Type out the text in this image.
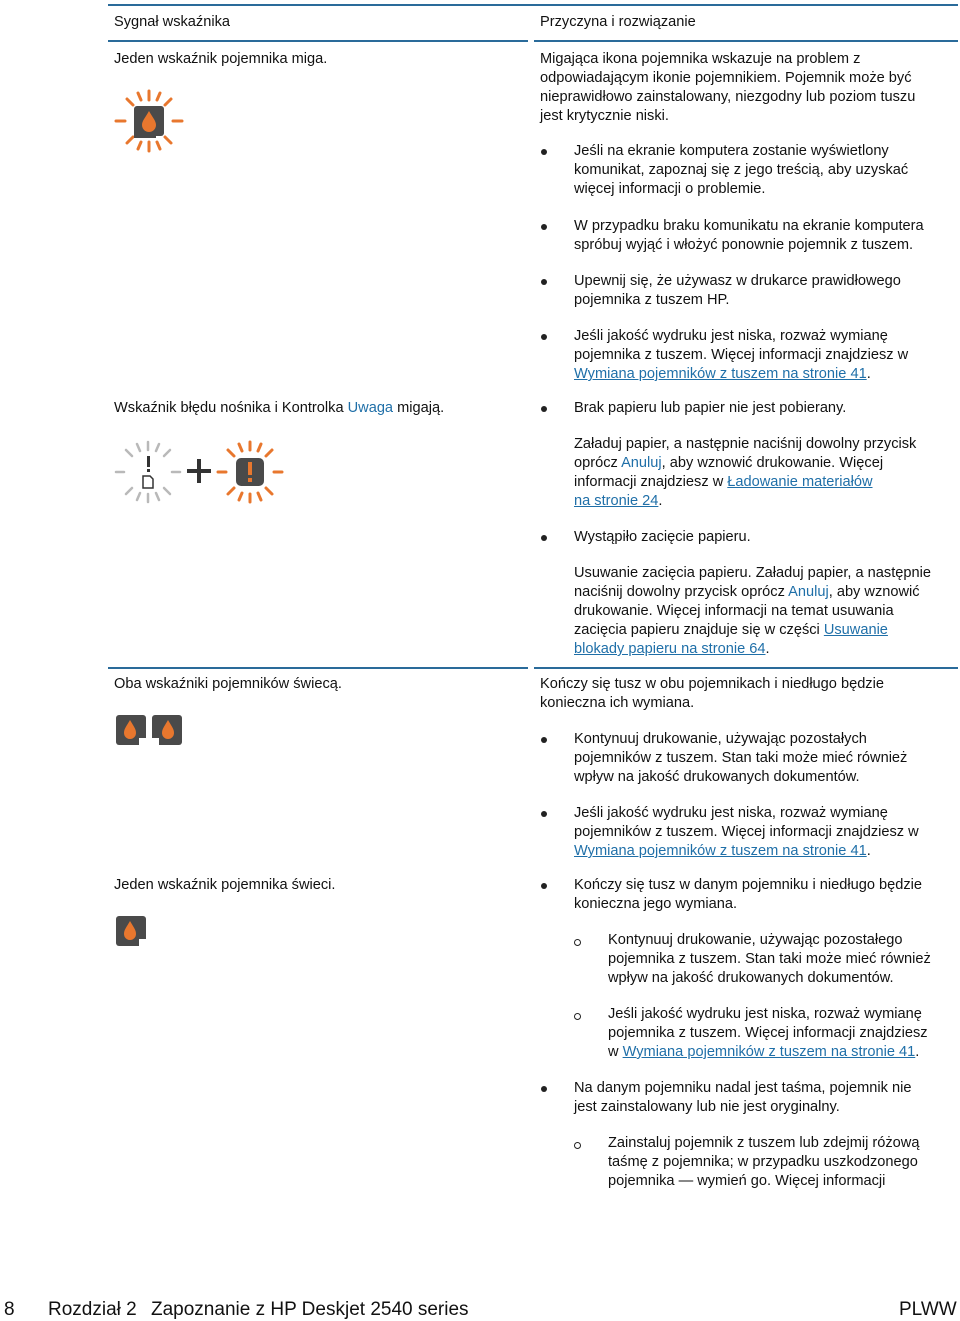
Sygnał wskaźnika	Przyczyna i rozwiązanie
Jeden wskaźnik pojemnika miga.	Migająca ikona pojemnika wskazuje na problem z
odpowiadającym ikonie pojemnikiem. Pojemnik może być
nieprawidłowo zainstalowany, niezgodny lub poziom tuszu
jest krytycznie niski.
Jeśli na ekranie komputera zostanie wyświetlony
komunikat, zapoznaj się z jego treścią, aby uzyskać
więcej informacji o problemie.
W przypadku braku komunikatu na ekranie komputera
spróbuj wyjąć i włożyć ponownie pojemnik z tuszem.
Upewnij się, że używasz w drukarce prawidłowego
pojemnika z tuszem HP.
Jeśli jakość wydruku jest niska, rozważ wymianę
pojemnika z tuszem. Więcej informacji znajdziesz w
Wymiana pojemników z tuszem na stronie 41.
Wskaźnik błędu nośnika i Kontrolka Uwaga migają.	Brak papieru lub papier nie jest pobierany.
Załaduj papier, a następnie naciśnij dowolny przycisk
oprócz Anuluj, aby wznowić drukowanie. Więcej
informacji znajdziesz w Ładowanie materiałów
na stronie 24.
Wystąpiło zacięcie papieru.
Usuwanie zacięcia papieru. Załaduj papier, a następnie
naciśnij dowolny przycisk oprócz Anuluj, aby wznowić
drukowanie. Więcej informacji na temat usuwania
zacięcia papieru znajduje się w części Usuwanie
blokady papieru na stronie 64.
Oba wskaźniki pojemników świecą.	Kończy się tusz w obu pojemnikach i niedługo będzie
konieczna ich wymiana.
Kontynuuj drukowanie, używając pozostałych
pojemników z tuszem. Stan taki może mieć również
wpływ na jakość drukowanych dokumentów.
Jeśli jakość wydruku jest niska, rozważ wymianę
pojemników z tuszem. Więcej informacji znajdziesz w
Wymiana pojemników z tuszem na stronie 41.
Jeden wskaźnik pojemnika świeci.	Kończy się tusz w danym pojemniku i niedługo będzie
konieczna jego wymiana.
Kontynuuj drukowanie, używając pozostałego
pojemnika z tuszem. Stan taki może mieć również
wpływ na jakość drukowanych dokumentów.
Jeśli jakość wydruku jest niska, rozważ wymianę
pojemnika z tuszem. Więcej informacji znajdziesz
w Wymiana pojemników z tuszem na stronie 41.
Na danym pojemniku nadal jest taśma, pojemnik nie
jest zainstalowany lub nie jest oryginalny.
Zainstaluj pojemnik z tuszem lub zdejmij różową
taśmę z pojemnika; w przypadku uszkodzonego
pojemnika — wymień go. Więcej informacji
8 Rozdział 2 Zapoznanie z HP Deskjet 2540 series	PLWW
